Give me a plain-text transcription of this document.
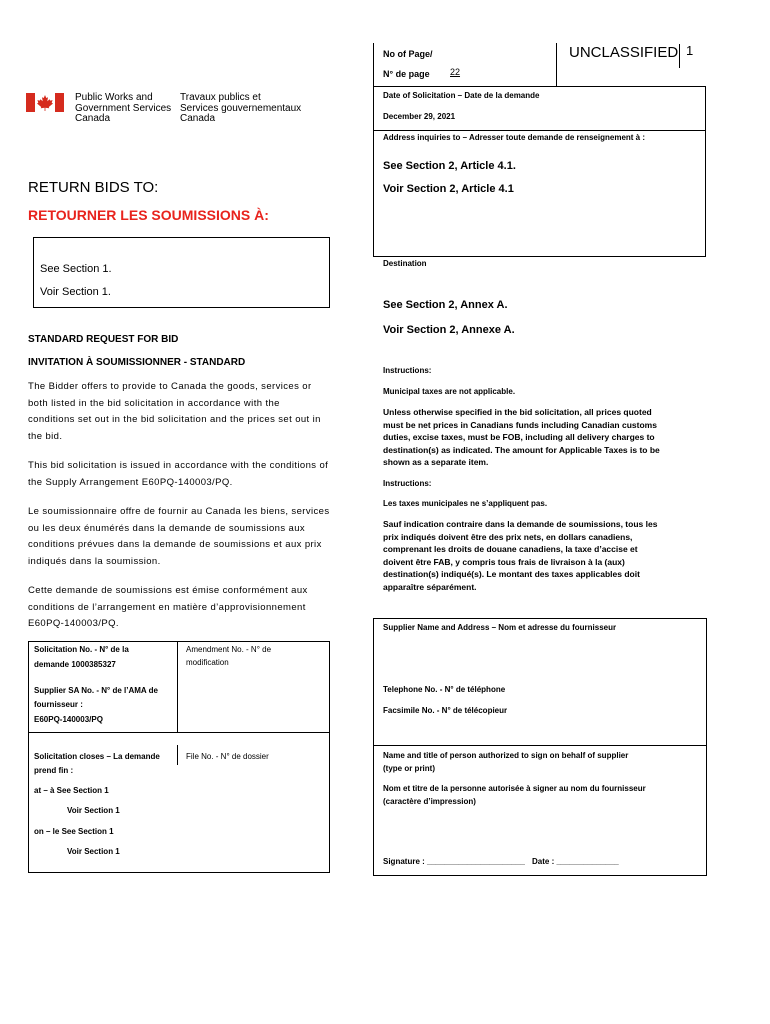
No of Page/
N° de page 22
UNCLASSIFIED 1
Public Works and
Government Services
Canada
Travaux publics et
Services gouvernementaux
Canada
Date of Solicitation – Date de la demande
December 29, 2021
Address inquiries to – Adresser toute demande de renseignement à :
See Section 2, Article 4.1.
Voir Section 2, Article 4.1
Destination
See Section 2, Annex A.
Voir Section 2, Annexe A.
RETURN BIDS TO:
RETOURNER LES SOUMISSIONS À:
See Section 1.
Voir Section 1.
STANDARD REQUEST FOR BID
INVITATION À SOUMISSIONNER - STANDARD
The Bidder offers to provide to Canada the goods, services or
both listed in the bid solicitation in accordance with the
conditions set out in the bid solicitation and the prices set out in
the bid.
This bid solicitation is issued in accordance with the conditions of
the Supply Arrangement E60PQ-140003/PQ.
Le soumissionnaire offre de fournir au Canada les biens, services
ou les deux énumérés dans la demande de soumissions aux
conditions prévues dans la demande de soumissions et aux prix
indiqués dans la soumission.
Cette demande de soumissions est émise conformément aux
conditions de l’arrangement en matière d’approvisionnement
E60PQ-140003/PQ.
Instructions:
Municipal taxes are not applicable.
Unless otherwise specified in the bid solicitation, all prices quoted
must be net prices in Canadians funds including Canadian customs
duties, excise taxes, must be FOB, including all delivery charges to
destination(s) as indicated. The amount for Applicable Taxes is to be
shown as a separate item.
Instructions:
Les taxes municipales ne s’appliquent pas.
Sauf indication contraire dans la demande de soumissions, tous les
prix indiqués doivent être des prix nets, en dollars canadiens,
comprenant les droits de douane canadiens, la taxe d’accise et
doivent être FAB, y compris tous frais de livraison à la (aux)
destination(s) indiqué(s). Le montant des taxes applicables doit
apparaître séparément.
Supplier Name and Address – Nom et adresse du fournisseur
Telephone No. - N° de téléphone
Facsimile No. - N° de télécopieur
Name and title of person authorized to sign on behalf of supplier
(type or print)
Nom et titre de la personne autorisée à signer au nom du fournisseur
(caractère d’impression)
Signature : ______________________ Date : ______________
Solicitation No. - N° de la
demande 1000385327
Amendment No. - N° de
modification
Supplier SA No. - N° de l’AMA de
fournisseur :
E60PQ-140003/PQ
Solicitation closes – La demande
prend fin :
File No. - N° de dossier
at – à See Section 1
Voir Section 1
on – le See Section 1
Voir Section 1
